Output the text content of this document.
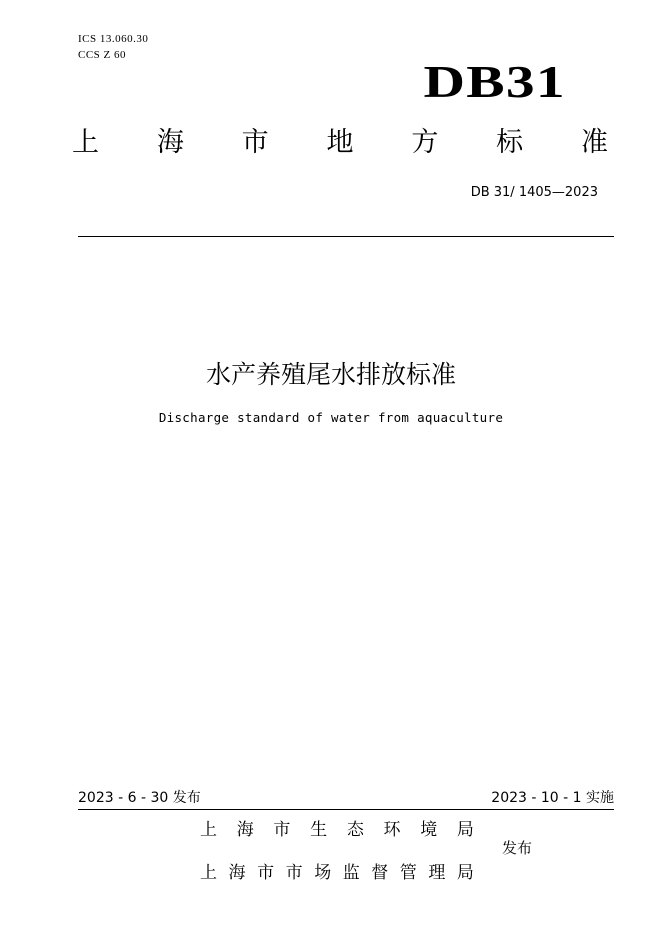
ICS 13.060.30
CCS Z 60
DB31
上 海 市 地 方 标 准
DB 31/ 1405—2023
水产养殖尾水排放标准
Discharge standard of water from aquaculture
2023 - 6 - 30 发布	2023 - 10 - 1 实施
上 海 市 生 态 环 境 局
上 海 市 市 场 监 督 管 理 局
发布
